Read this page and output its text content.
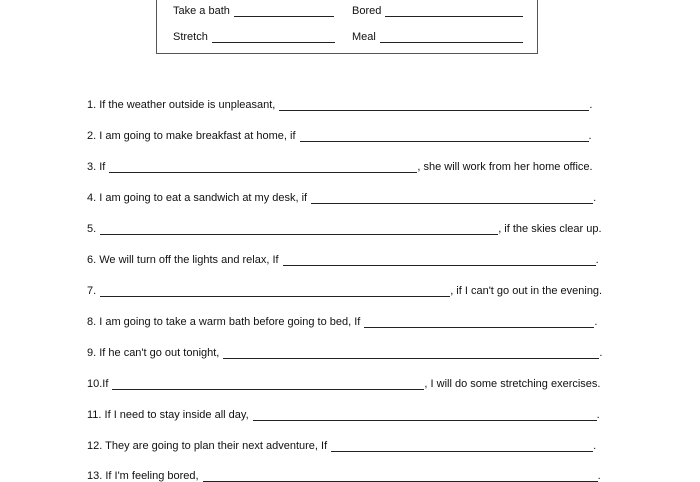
Take a bath	Bored
Stretch	Meal
1. If the weather outside is unpleasant,	.
2. I am going to make breakfast at home, if	.
3. If	, she will work from her home office.
4. I am going to eat a sandwich at my desk, if	.
5.	, if the skies clear up.
6. We will turn off the lights and relax, If	.
7.	, if I can't go out in the evening.
8. I am going to take a warm bath before going to bed, If	.
9. If he can't go out tonight,	.
10.If	, I will do some stretching exercises.
11. If I need to stay inside all day,	.
12. They are going to plan their next adventure, If	.
13. If I'm feeling bored,	.
